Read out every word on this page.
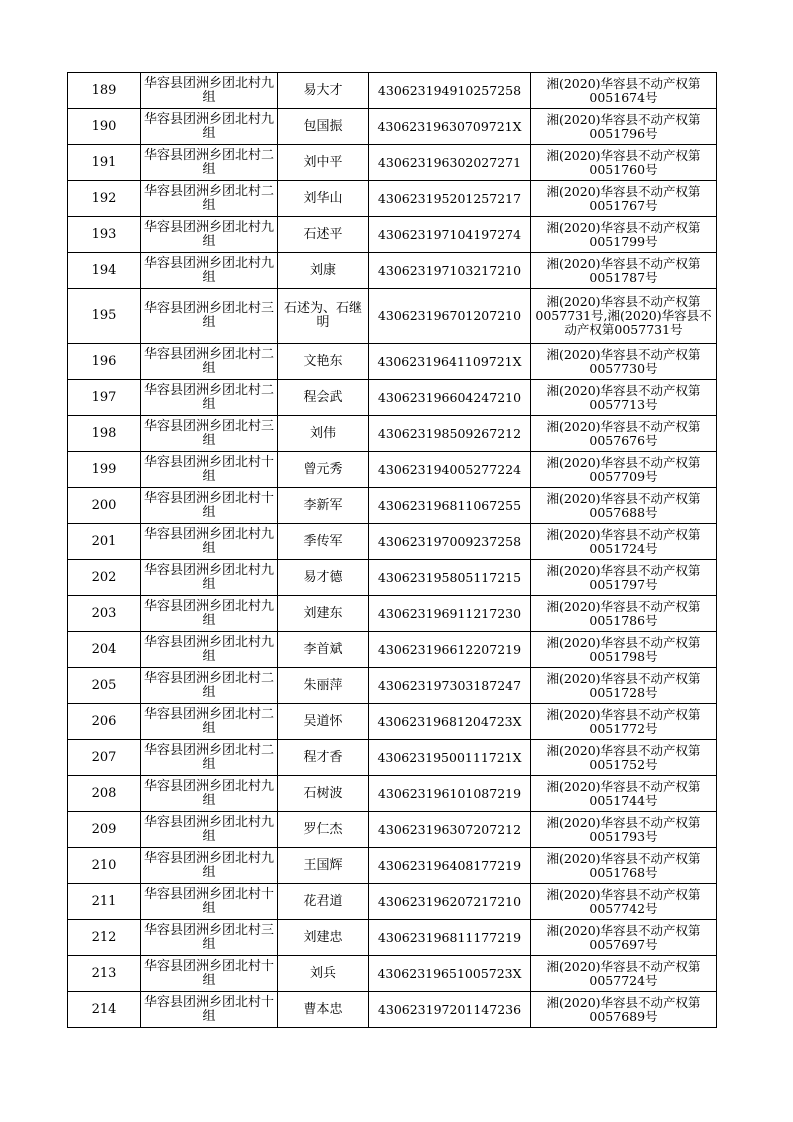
189	华容县团洲乡团北村九组	易大才	430623194910257258	湘(2020)华容县不动产权第0051674号
190	华容县团洲乡团北村九组	包国振	43062319630709721X	湘(2020)华容县不动产权第0051796号
191	华容县团洲乡团北村二组	刘中平	430623196302027271	湘(2020)华容县不动产权第0051760号
192	华容县团洲乡团北村二组	刘华山	430623195201257217	湘(2020)华容县不动产权第0051767号
193	华容县团洲乡团北村九组	石述平	430623197104197274	湘(2020)华容县不动产权第0051799号
194	华容县团洲乡团北村九组	刘康	430623197103217210	湘(2020)华容县不动产权第0051787号
195	华容县团洲乡团北村三组	石述为、石继明	430623196701207210	湘(2020)华容县不动产权第0057731号,湘(2020)华容县不动产权第0057731号
196	华容县团洲乡团北村二组	文艳东	43062319641109721X	湘(2020)华容县不动产权第0057730号
197	华容县团洲乡团北村二组	程会武	430623196604247210	湘(2020)华容县不动产权第0057713号
198	华容县团洲乡团北村三组	刘伟	430623198509267212	湘(2020)华容县不动产权第0057676号
199	华容县团洲乡团北村十组	曾元秀	430623194005277224	湘(2020)华容县不动产权第0057709号
200	华容县团洲乡团北村十组	李新军	430623196811067255	湘(2020)华容县不动产权第0057688号
201	华容县团洲乡团北村九组	季传军	430623197009237258	湘(2020)华容县不动产权第0051724号
202	华容县团洲乡团北村九组	易才德	430623195805117215	湘(2020)华容县不动产权第0051797号
203	华容县团洲乡团北村九组	刘建东	430623196911217230	湘(2020)华容县不动产权第0051786号
204	华容县团洲乡团北村九组	李首斌	430623196612207219	湘(2020)华容县不动产权第0051798号
205	华容县团洲乡团北村二组	朱丽萍	430623197303187247	湘(2020)华容县不动产权第0051728号
206	华容县团洲乡团北村二组	吴道怀	43062319681204723X	湘(2020)华容县不动产权第0051772号
207	华容县团洲乡团北村二组	程才香	43062319500111721X	湘(2020)华容县不动产权第0051752号
208	华容县团洲乡团北村九组	石树波	430623196101087219	湘(2020)华容县不动产权第0051744号
209	华容县团洲乡团北村九组	罗仁杰	430623196307207212	湘(2020)华容县不动产权第0051793号
210	华容县团洲乡团北村九组	王国辉	430623196408177219	湘(2020)华容县不动产权第0051768号
211	华容县团洲乡团北村十组	花君道	430623196207217210	湘(2020)华容县不动产权第0057742号
212	华容县团洲乡团北村三组	刘建忠	430623196811177219	湘(2020)华容县不动产权第0057697号
213	华容县团洲乡团北村十组	刘兵	43062319651005723X	湘(2020)华容县不动产权第0057724号
214	华容县团洲乡团北村十组	曹本忠	430623197201147236	湘(2020)华容县不动产权第0057689号
